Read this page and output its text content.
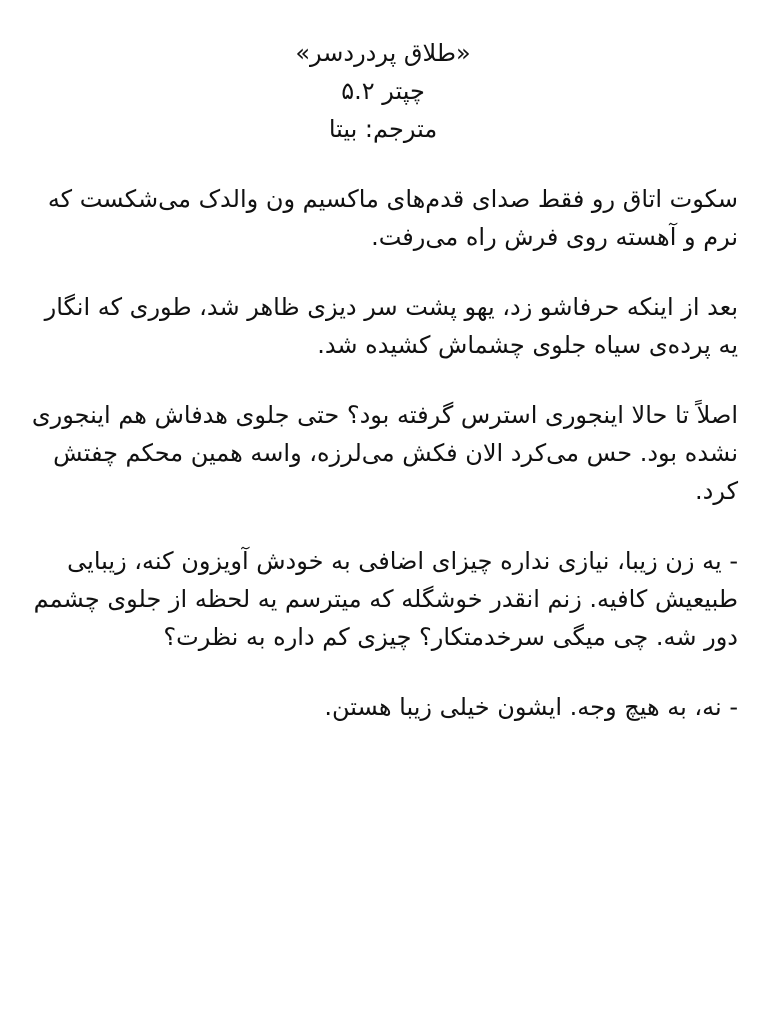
«طلاق پردردسر»
چپتر ۵.۲
مترجم: بیتا

سکوت اتاق رو فقط صدای قدم‌های ماکسیم ون والدک می‌شکست که نرم و آهسته روی فرش راه می‌رفت.

بعد از اینکه حرفاشو زد، یهو پشت سر دیزی ظاهر شد، طوری که انگار یه پرده‌ی سیاه جلوی چشماش کشیده شد.

اصلاً تا حالا اینجوری استرس گرفته بود؟ حتی جلوی هدفاش هم اینجوری نشده بود. حس می‌کرد الان فکش می‌لرزه، واسه همین محکم چفتش کرد.

- یه زن زیبا، نیازی نداره چیزای اضافی به خودش آویزون کنه، زیبایی طبیعیش کافیه. زنم انقدر خوشگله که میترسم یه لحظه از جلوی چشمم دور شه. چی میگی سرخدمتکار؟ چیزی کم داره به نظرت؟

- نه، به هیچ وجه. ایشون خیلی زیبا هستن.
